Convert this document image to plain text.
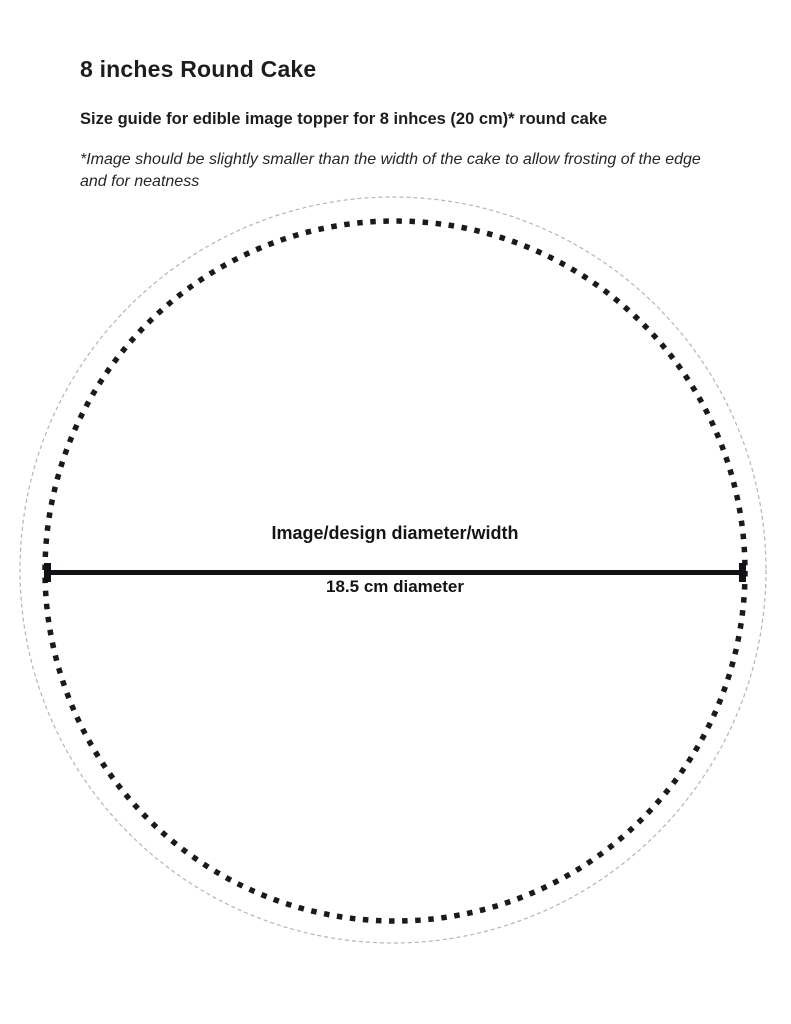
8 inches Round Cake
Size guide for edible image topper for 8 inhces (20 cm)* round cake

*Image should be slightly smaller than the width of the cake to allow frosting of the edge and for neatness

Image/design diameter/width
18.5 cm diameter
